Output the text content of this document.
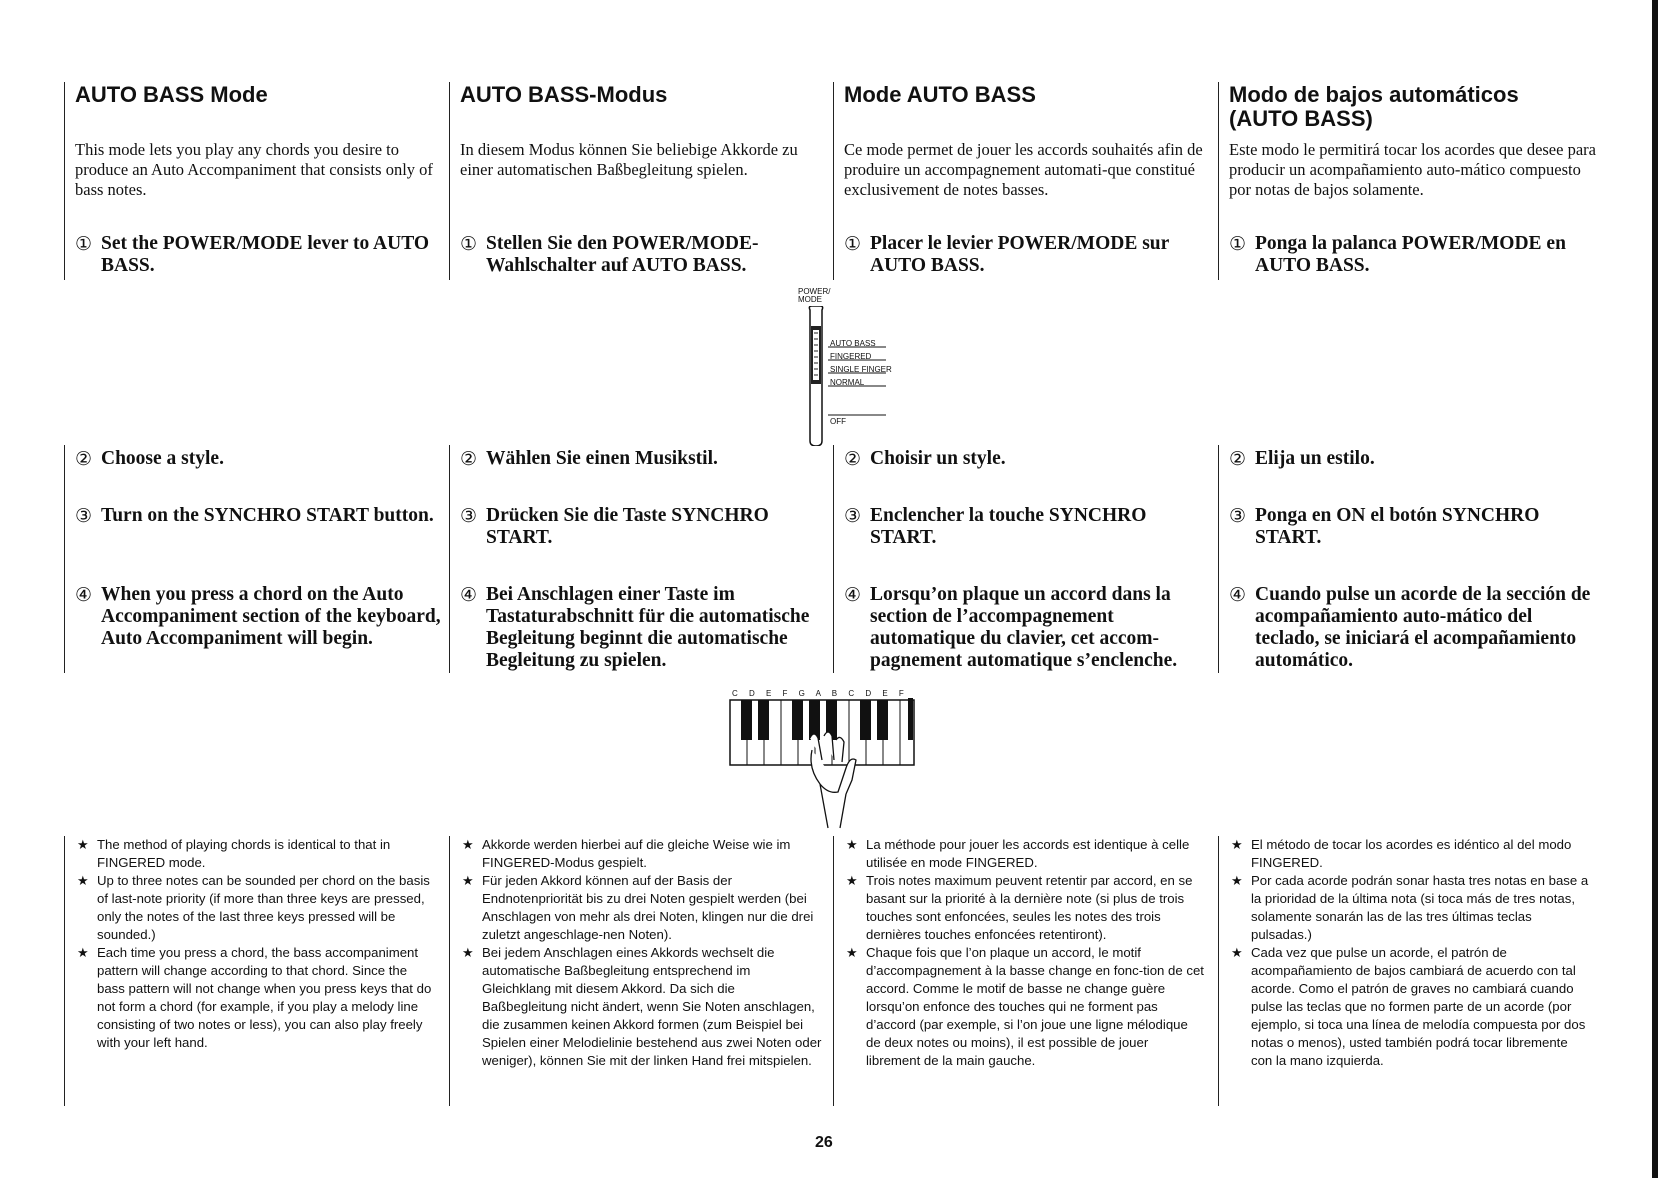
AUTO BASS Mode
This mode lets you play any chords you desire to produce an Auto Accompaniment that consists only of bass notes.
① Set the POWER/MODE lever to AUTO BASS.
② Choose a style.
③ Turn on the SYNCHRO START button.
④ When you press a chord on the Auto Accompaniment section of the keyboard, Auto Accompaniment will begin.
★ The method of playing chords is identical to that in FINGERED mode.
★ Up to three notes can be sounded per chord on the basis of last-note priority (if more than three keys are pressed, only the notes of the last three keys pressed will be sounded.)
★ Each time you press a chord, the bass accompaniment pattern will change according to that chord. Since the bass pattern will not change when you press keys that do not form a chord (for example, if you play a melody line consisting of two notes or less), you can also play freely with your left hand.
AUTO BASS-Modus
In diesem Modus können Sie beliebige Akkorde zu einer automatischen Baßbegleitung spielen.
① Stellen Sie den POWER/MODE-Wahlschalter auf AUTO BASS.
② Wählen Sie einen Musikstil.
③ Drücken Sie die Taste SYNCHRO START.
④ Bei Anschlagen einer Taste im Tastaturabschnitt für die automatische Begleitung beginnt die automatische Begleitung zu spielen.
★ Akkorde werden hierbei auf die gleiche Weise wie im FINGERED-Modus gespielt.
★ Für jeden Akkord können auf der Basis der Endnotenpriorität bis zu drei Noten gespielt werden (bei Anschlagen von mehr als drei Noten, klingen nur die drei zuletzt angeschlage-nen Noten).
★ Bei jedem Anschlagen eines Akkords wechselt die automatische Baßbegleitung entsprechend im Gleichklang mit diesem Akkord. Da sich die Baßbegleitung nicht ändert, wenn Sie Noten anschlagen, die zusammen keinen Akkord formen (zum Beispiel bei Spielen einer Melodielinie bestehend aus zwei Noten oder weniger), können Sie mit der linken Hand frei mitspielen.
Mode AUTO BASS
Ce mode permet de jouer les accords souhaités afin de produire un accompagnement automati-que constitué exclusivement de notes basses.
① Placer le levier POWER/MODE sur AUTO BASS.
② Choisir un style.
③ Enclencher la touche SYNCHRO START.
④ Lorsqu’on plaque un accord dans la section de l’accompagnement automatique du clavier, cet accom-pagnement automatique s’enclenche.
★ La méthode pour jouer les accords est identique à celle utilisée en mode FINGERED.
★ Trois notes maximum peuvent retentir par accord, en se basant sur la priorité à la dernière note (si plus de trois touches sont enfoncées, seules les notes des trois dernières touches enfoncées retentiront).
★ Chaque fois que l’on plaque un accord, le motif d’accompagnement à la basse change en fonc-tion de cet accord. Comme le motif de basse ne change guère lorsqu’on enfonce des touches qui ne forment pas d’accord (par exemple, si l’on joue une ligne mélodique de deux notes ou moins), il est possible de jouer librement de la main gauche.
Modo de bajos automáticos (AUTO BASS)
Este modo le permitirá tocar los acordes que desee para producir un acompañamiento auto-mático compuesto por notas de bajos solamente.
① Ponga la palanca POWER/MODE en AUTO BASS.
② Elija un estilo.
③ Ponga en ON el botón SYNCHRO START.
④ Cuando pulse un acorde de la sección de acompañamiento auto-mático del teclado, se iniciará el acompañamiento automático.
★ El método de tocar los acordes es idéntico al del modo FINGERED.
★ Por cada acorde podrán sonar hasta tres notas en base a la prioridad de la última nota (si toca más de tres notas, solamente sonarán las de las tres últimas teclas pulsadas.)
★ Cada vez que pulse un acorde, el patrón de acompañamiento de bajos cambiará de acuerdo con tal acorde. Como el patrón de graves no cambiará cuando pulse las teclas que no formen parte de un acorde (por ejemplo, si toca una línea de melodía compuesta por dos notas o menos), usted también podrá tocar libremente con la mano izquierda.
POWER/ MODE
AUTO BASS
FINGERED
SINGLE FINGER
NORMAL
OFF
C D E F G A B C D E F
26
